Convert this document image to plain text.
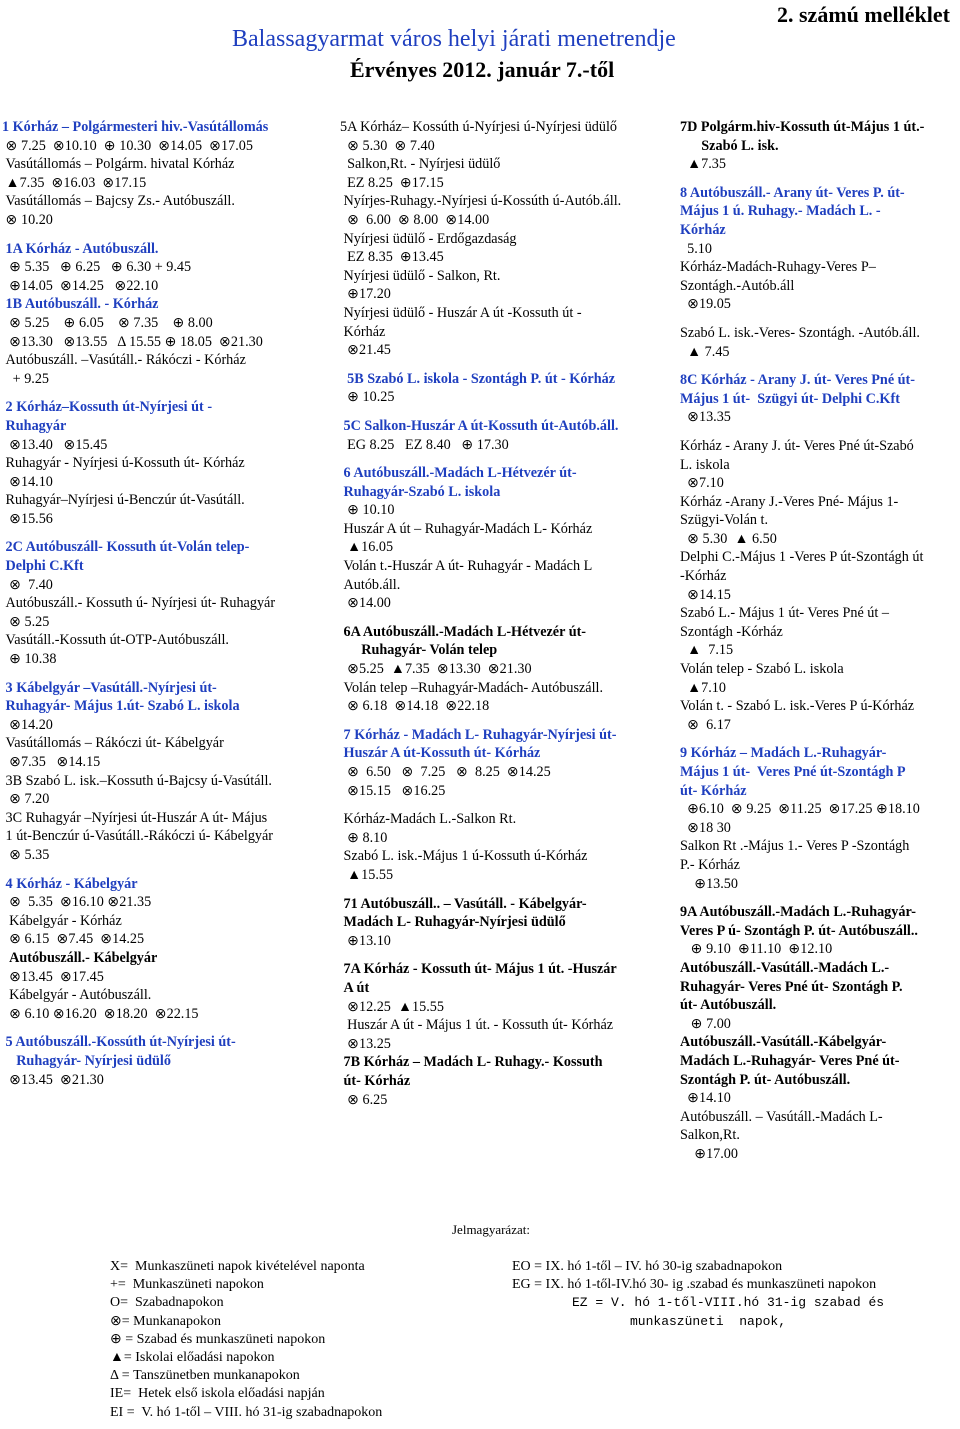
Balassagyarmat város helyi járati menetrendje
2. számú melléklet
Érvényes 2012. január 7.-től
1 Kórház – Polgármesteri hiv.-Vasútállomás
⊗ 7.25  ⊗10.10  ⊕ 10.30  ⊗14.05  ⊗17.05
Vasútállomás – Polgárm. hivatal Kórház
▲7.35  ⊗16.03  ⊗17.15
Vasútállomás – Bajcsy Zs.- Autóbuszáll.
⊗ 10.20
1A Kórház - Autóbuszáll.
⊕ 5.35   ⊕ 6.25   ⊕ 6.30 + 9.45
⊕14.05  ⊗14.25   ⊗22.10
1B Autóbuszáll. - Kórház
⊗ 5.25    ⊕ 6.05    ⊗ 7.35    ⊕ 8.00
⊗13.30   ⊗13.55   Δ 15.55 ⊕ 18.05  ⊗21.30
Autóbuszáll. –Vasútáll.- Rákóczi - Kórház
+ 9.25
2 Kórház–Kossuth út-Nyírjesi út -
Ruhagyár
⊗13.40   ⊗15.45
Ruhagyár - Nyírjesi ú-Kossuth út- Kórház
⊗14.10
Ruhagyár–Nyírjesi ú-Benczúr út-Vasútáll.
⊗15.56
2C Autóbuszáll- Kossuth út-Volán telep-
Delphi C.Kft
⊗  7.40
Autóbuszáll.- Kossuth ú- Nyírjesi út- Ruhagyár
⊗ 5.25
Vasútáll.-Kossuth út-OTP-Autóbuszáll.
⊕ 10.38
3 Kábelgyár –Vasútáll.-Nyírjesi út-
Ruhagyár- Május 1.út- Szabó L. iskola
⊗14.20
Vasútállomás – Rákóczi út- Kábelgyár
⊗7.35   ⊗14.15
3B Szabó L. isk.–Kossuth ú-Bajcsy ú-Vasútáll.
⊗ 7.20
3C Ruhagyár –Nyírjesi út-Huszár A út- Május
1 út-Benczúr ú-Vasútáll.-Rákóczi ú- Kábelgyár
⊗ 5.35
4 Kórház - Kábelgyár
⊗  5.35  ⊗16.10 ⊗21.35
Kábelgyár - Kórház
⊗ 6.15  ⊗7.45  ⊗14.25
Autóbuszáll.- Kábelgyár
⊗13.45  ⊗17.45
Kábelgyár - Autóbuszáll.
⊗ 6.10 ⊗16.20  ⊗18.20  ⊗22.15
5 Autóbuszáll.-Kossúth út-Nyírjesi út-
Ruhagyár- Nyírjesi üdülő
⊗13.45  ⊗21.30
5A Kórház– Kossúth ú-Nyírjesi ú-Nyírjesi üdülő
⊗ 5.30  ⊗ 7.40
Salkon,Rt. - Nyírjesi üdülő
EZ 8.25  ⊕17.15
Nyírjes-Ruhagy.-Nyírjesi ú-Kossúth ú-Autób.áll.
⊗  6.00  ⊗ 8.00  ⊗14.00
Nyírjesi üdülő - Erdőgazdaság
EZ 8.35  ⊕13.45
Nyírjesi üdülő - Salkon, Rt.
⊕17.20
Nyírjesi üdülő - Huszár A út -Kossuth út -
Kórház
⊗21.45
5B Szabó L. iskola - Szontágh P. út - Kórház
⊕ 10.25
5C Salkon-Huszár A út-Kossuth út-Autób.áll.
EG 8.25   EZ 8.40   ⊕ 17.30
6 Autóbuszáll.-Madách L-Hétvezér út-
Ruhagyár-Szabó L. iskola
⊕ 10.10
Huszár A út – Ruhagyár-Madách L- Kórház
▲16.05
Volán t.-Huszár A út- Ruhagyár - Madách L
Autób.áll.
⊗14.00
6A Autóbuszáll.-Madách L-Hétvezér út-
Ruhagyár- Volán telep
⊗5.25  ▲7.35  ⊗13.30  ⊗21.30
Volán telep –Ruhagyár-Madách- Autóbuszáll.
⊗ 6.18  ⊗14.18  ⊗22.18
7 Kórház - Madách L- Ruhagyár-Nyírjesi út-
Huszár A út-Kossuth út- Kórház
⊗  6.50   ⊗  7.25   ⊗  8.25  ⊗14.25
⊗15.15   ⊗16.25
Kórház-Madách L.-Salkon Rt.
⊕ 8.10
Szabó L. isk.-Május 1 ú-Kossuth ú-Kórház
▲15.55
71 Autóbuszáll.. – Vasútáll. - Kábelgyár-
Madách L- Ruhagyár-Nyírjesi üdülő
⊕13.10
7A Kórház - Kossuth út- Május 1 út. -Huszár
A út
⊗12.25  ▲15.55
Huszár A út - Május 1 út. - Kossuth út- Kórház
⊗13.25
7B Kórház – Madách L- Ruhagy.- Kossuth
út- Kórház
⊗ 6.25
7D Polgárm.hiv-Kossuth út-Május 1 út.-
Szabó L. isk.
▲7.35
8 Autóbuszáll.- Arany út- Veres P. út-
Május 1 ú. Ruhagy.- Madách L. -
Kórház
5.10
Kórház-Madách-Ruhagy-Veres P–
Szontágh.-Autób.áll
⊗19.05
Szabó L. isk.-Veres- Szontágh. -Autób.áll.
▲ 7.45
8C Kórház - Arany J. út- Veres Pné út-
Május 1 út-  Szügyi út- Delphi C.Kft
⊗13.35
Kórház - Arany J. út- Veres Pné út-Szabó
L. iskola
⊗7.10
Kórház -Arany J.-Veres Pné- Május 1-
Szügyi-Volán t.
⊗ 5.30  ▲ 6.50
Delphi C.-Május 1 -Veres P út-Szontágh út
-Kórház
⊗14.15
Szabó L.- Május 1 út- Veres Pné út –
Szontágh -Kórház
▲  7.15
Volán telep - Szabó L. iskola
▲7.10
Volán t. - Szabó L. isk.-Veres P ú-Kórház
⊗  6.17
9 Kórház – Madách L.-Ruhagyár-
Május 1 út-  Veres Pné út-Szontágh P
út- Kórház
⊕6.10  ⊗ 9.25  ⊗11.25  ⊗17.25 ⊕18.10
⊗18 30
Salkon Rt .-Május 1.- Veres P -Szontágh
P.- Kórház
⊕13.50
9A Autóbuszáll.-Madách L.-Ruhagyár-
Veres P ú- Szontágh P. út- Autóbuszáll..
⊕ 9.10  ⊕11.10  ⊕12.10
Autóbuszáll.-Vasútáll.-Madách L.-
Ruhagyár- Veres Pné út- Szontágh P.
út- Autóbuszáll.
⊕ 7.00
Autóbuszáll.-Vasútáll.-Kábelgyár-
Madách L.-Ruhagyár- Veres Pné út-
Szontágh P. út- Autóbuszáll.
⊕14.10
Autóbuszáll. – Vasútáll.-Madách L-
Salkon,Rt.
⊕17.00
Jelmagyarázat:
X=  Munkaszüneti napok kivételével naponta
+=  Munkaszüneti napokon
O=  Szabadnapokon
⊗= Munkanapokon
⊕ = Szabad és munkaszüneti napokon
▲= Iskolai előadási napokon
Δ = Tanszünetben munkanapokon
IE=  Hetek első iskola előadási napján
EI =  V. hó 1-től – VIII. hó 31-ig szabadnapokon
EO = IX. hó 1-től – IV. hó 30-ig szabadnapokon
EG = IX. hó 1-től-IV.hó 30- ig .szabad és munkaszüneti napokon
EZ = V. hó 1-től-VIII.hó 31-ig szabad és
munkaszüneti  napok,
